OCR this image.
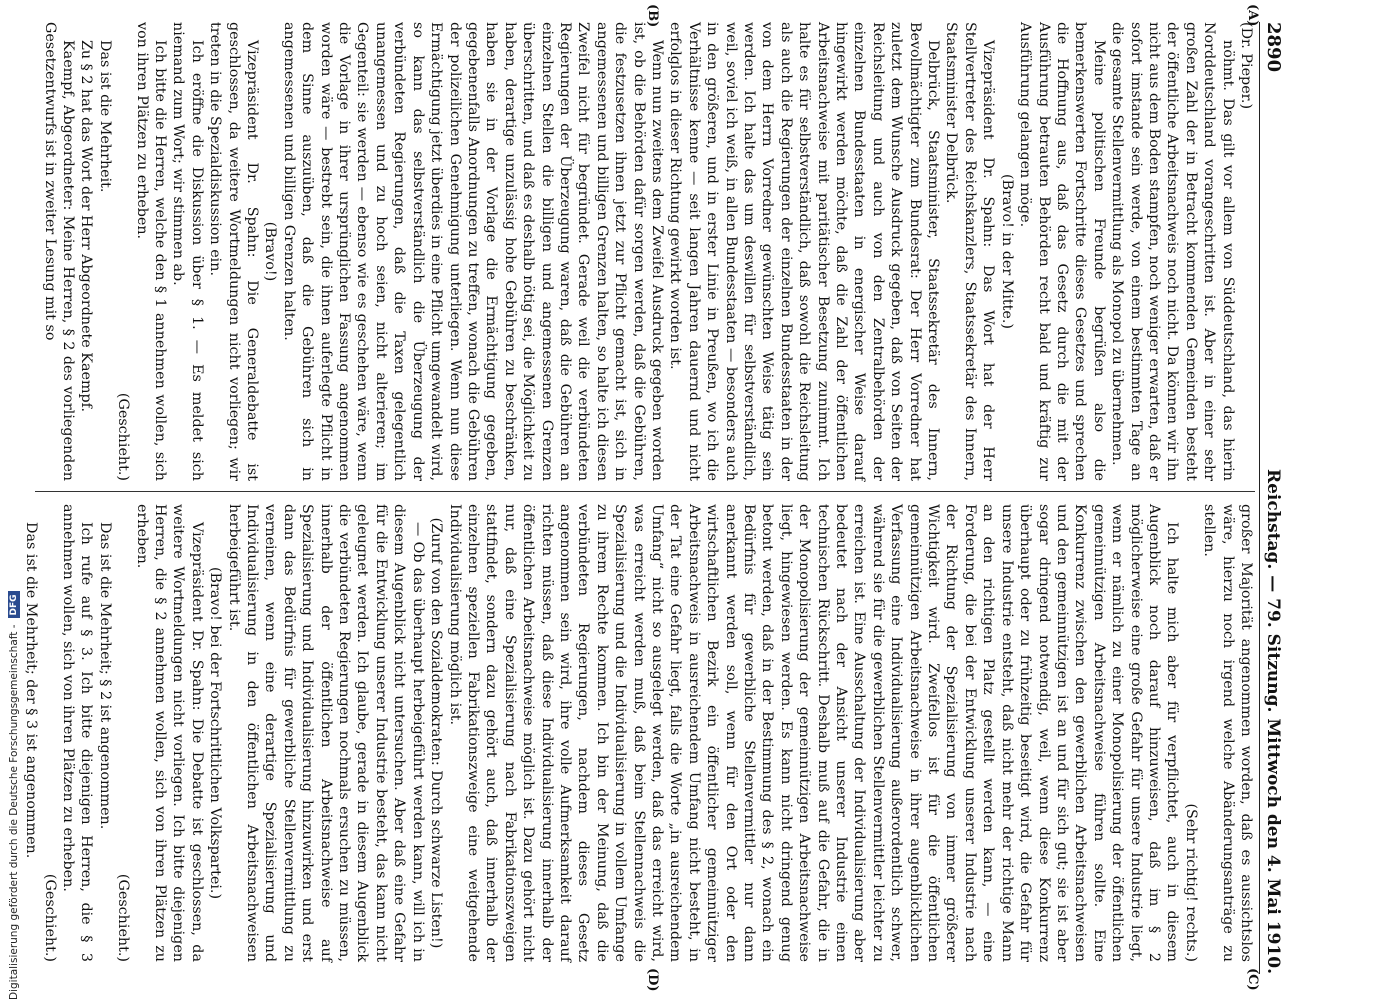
2890
Reichstag. — 79. Sitzung. Mittwoch den 4. Mai 1910.

(Dr. Pieper.)

nöhmt. Das gilt vor allem von Süddeutschland, das hierin Norddeutschland vorangeschritten ist. Aber in einer sehr großen Zahl der in Betracht kommenden Gemeinden besteht der öffentliche Arbeitsnachweis noch nicht. Da können wir ihn nicht aus dem Boden stampfen, noch weniger erwarten, daß er sofort imstande sein werde, von einem bestimmten Tage an die gesamte Stellenvermittlung als Monopol zu übernehmen.

Meine politischen Freunde begrüßen also die bemerkenswerten Fortschritte dieses Gesetzes und sprechen die Hoffnung aus, daß das Gesetz durch die mit der Ausführung betrauten Behörden recht bald und kräftig zur Ausführung gelangen möge.

(Bravo! in der Mitte.)

Vizepräsident Dr. Spahn: Das Wort hat der Herr Stellvertreter des Reichskanzlers, Staatssekretär des Innern, Staatsminister Delbrück.

Delbrück, Staatsminister, Staatssekretär des Innern, Bevollmächtigter zum Bundesrat: Der Herr Vorredner hat zuletzt dem Wunsche Ausdruck gegeben, daß von Seiten der Reichsleitung und auch von den Zentralbehörden der einzelnen Bundesstaaten in energischer Weise darauf hingewirkt werden möchte, daß die Zahl der öffentlichen Arbeitsnachweise mit paritätischer Besetzung zunimmt. Ich halte es für selbstverständlich, daß sowohl die Reichsleitung als auch die Regierungen der einzelnen Bundesstaaten in der von dem Herrn Vorredner gewünschten Weise tätig sein werden. Ich halte das um deswillen für selbstverständlich, weil, soviel ich weiß, in allen Bundesstaaten — besonders auch in den größeren, und in erster Linie in Preußen, wo ich die Verhältnisse kenne — seit langen Jahren dauernd und nicht erfolglos in dieser Richtung gewirkt worden ist.

Wenn nun zweitens dem Zweifel Ausdruck gegeben worden ist, ob die Behörden dafür sorgen werden, daß die Gebühren, die festzusetzen ihnen jetzt zur Pflicht gemacht ist, sich in angemessenen und billigen Grenzen halten, so halte ich diesen Zweifel nicht für begründet. Gerade weil die verbündeten Regierungen der Überzeugung waren, daß die Gebühren an einzelnen Stellen die billigen und angemessenen Grenzen überschritten, und daß es deshalb nötig sei, die Möglichkeit zu haben, derartige unzulässig hohe Gebühren zu beschränken, haben sie in der Vorlage die Ermächtigung gegeben, gegebenenfalls Anordnungen zu treffen, wonach die Gebühren der polizeilichen Genehmigung unterliegen. Wenn nun diese Ermächtigung jetzt überdies in eine Pflicht umgewandelt wird, so kann das selbstverständlich die Überzeugung der verbündeten Regierungen, daß die Taxen gelegentlich unangemessen und zu hoch seien, nicht alterieren; im Gegenteil: sie werden — ebenso wie es geschehen wäre, wenn die Vorlage in ihrer ursprünglichen Fassung angenommen worden wäre — bestrebt sein, die ihnen auferlegte Pflicht in dem Sinne auszuüben, daß die Gebühren sich in angemessenen und billigen Grenzen halten.

(Bravo!)

Vizepräsident Dr. Spahn: Die Generaldebatte ist geschlossen, da weitere Wortmeldungen nicht vorliegen; wir treten in die Spezialdiskussion ein.

Ich eröffne die Diskussion über § 1. — Es meldet sich niemand zum Wort; wir stimmen ab.

Ich bitte die Herren, welche den § 1 annehmen wollen, sich von ihren Plätzen zu erheben.

(Geschieht.)

Das ist die Mehrheit.

Zu § 2 hat das Wort der Herr Abgeordnete Kaempf.

Kaempf, Abgeordneter: Meine Herren, § 2 des vorliegenden Gesetzentwurfs ist in zweiter Lesung mit so

großer Majorität angenommen worden, daß es aussichtslos wäre, hierzu noch irgend welche Abänderungsanträge zu stellen.

(Sehr richtig! rechts.)

Ich halte mich aber für verpflichtet, auch in diesem Augenblick noch darauf hinzuweisen, daß im § 2 möglicherweise eine große Gefahr für unsere Industrie liegt, wenn er nämlich zu einer Monopolisierung der öffentlichen gemeinnützigen Arbeitsnachweise führen sollte. Eine Konkurrenz zwischen den gewerblichen Arbeitsnachweisen und den gemeinnützigen ist an und für sich gut; sie ist aber sogar dringend notwendig, weil, wenn diese Konkurrenz überhaupt oder zu frühzeitig beseitigt wird, die Gefahr für unsere Industrie entsteht, daß nicht mehr der richtige Mann an den richtigen Platz gestellt werden kann, — eine Forderung, die bei der Entwicklung unserer Industrie nach der Richtung der Spezialisierung von immer größerer Wichtigkeit wird. Zweifellos ist für die öffentlichen gemeinnützigen Arbeitsnachweise in ihrer augenblicklichen Verfassung eine Individualisierung außerordentlich schwer, während sie für die gewerblichen Stellenvermittler leichter zu erreichen ist. Eine Ausschaltung der Individualisierung aber bedeutet nach der Ansicht unserer Industrie einen technischen Rückschritt. Deshalb muß auf die Gefahr, die in der Monopolisierung der gemeinnützigen Arbeitsnachweise liegt, hingewiesen werden. Es kann nicht dringend genug betont werden, daß in der Bestimmung des § 2, wonach ein Bedürfnis für gewerbliche Stellenvermittler nur dann anerkannt werden soll, wenn für den Ort oder den wirtschaftlichen Bezirk ein öffentlicher gemeinnütziger Arbeitsnachweis in ausreichendem Umfang nicht besteht, in der Tat eine Gefahr liegt, falls die Worte „in ausreichendem Umfang“ nicht so ausgelegt werden, daß das erreicht wird, was erreicht werden muß, daß beim Stellennachweis die Spezialisierung und die Individualisierung in vollem Umfange zu ihrem Rechte kommen. Ich bin der Meinung, daß die verbündeten Regierungen, nachdem dieses Gesetz angenommen sein wird, ihre volle Aufmerksamkeit darauf richten müssen, daß diese Individualisierung innerhalb der öffentlichen Arbeitsnachweise möglich ist. Dazu gehört nicht nur, daß eine Spezialisierung nach Fabrikationszweigen stattfindet, sondern dazu gehört auch, daß innerhalb der einzelnen speziellen Fabrikationszweige eine weitgehende Individualisierung möglich ist.

(Zuruf von den Sozialdemokraten: Durch schwarze Listen!)

— Ob das überhaupt herbeigeführt werden kann, will ich in diesem Augenblick nicht untersuchen. Aber daß eine Gefahr für die Entwicklung unserer Industrie besteht, das kann nicht geleugnet werden. Ich glaube, gerade in diesem Augenblick die verbündeten Regierungen nochmals ersuchen zu müssen, innerhalb der öffentlichen Arbeitsnachweise auf Spezialisierung und Individualisierung hinzuwirken und erst dann das Bedürfnis für gewerbliche Stellenvermittlung zu verneinen, wenn eine derartige Spezialisierung und Individualisierung in den öffentlichen Arbeitsnachweisen herbeigeführt ist.

(Bravo! bei der Fortschrittlichen Volkspartei.)

Vizepräsident Dr. Spahn: Die Debatte ist geschlossen, da weitere Wortmeldungen nicht vorliegen. Ich bitte diejenigen Herren, die § 2 annehmen wollen, sich von ihren Plätzen zu erheben.

(Geschieht.)

Das ist die Mehrheit; § 2 ist angenommen.

Ich rufe auf § 3. Ich bitte diejenigen Herren, die § 3 annehmen wollen, sich von ihren Plätzen zu erheben.

(Geschieht.)

Das ist die Mehrheit; der § 3 ist angenommen.

(A)
(B)
(C)
(D)
Digitalisierung gefördert durch die Deutsche Forschungsgemeinschaft -
DFG
